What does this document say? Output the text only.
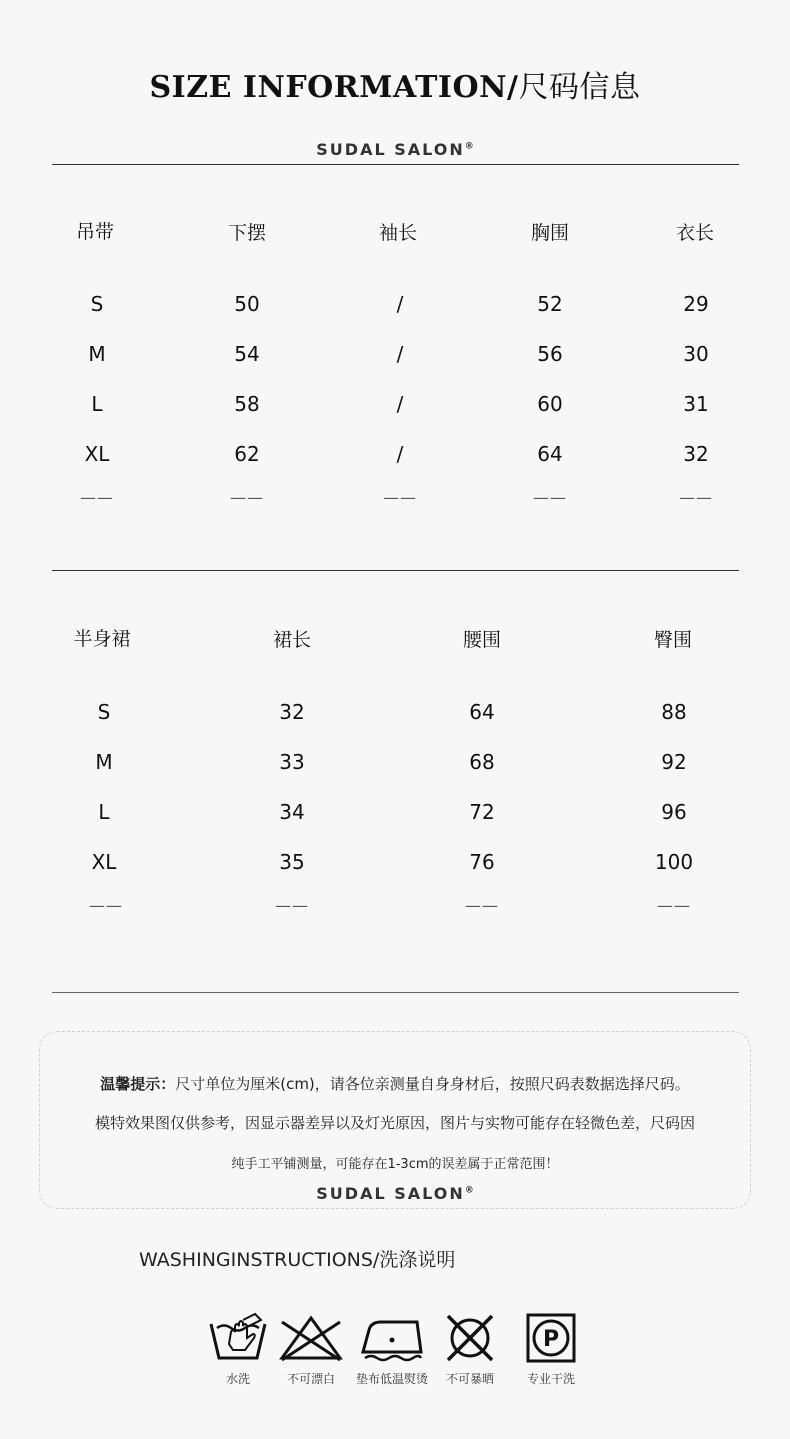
SIZE INFORMATION/尺码信息
SUDAL SALON®
吊带	下摆	袖长	胸围	衣长
S	50	/	52	29
M	54	/	56	30
L	58	/	60	31
XL	62	/	64	32
——	——	——	——	——
半身裙	裙长	腰围	臀围
S	32	64	88
M	33	68	92
L	34	72	96
XL	35	76	100
——	——	——	——
温馨提示：尺寸单位为厘米(cm)，请各位亲测量自身身材后，按照尺码表数据选择尺码。
模特效果图仅供参考，因显示器差异以及灯光原因，图片与实物可能存在轻微色差，尺码因
纯手工平铺测量，可能存在1-3cm的误差属于正常范围！
SUDAL SALON®
WASHINGINSTRUCTIONS/洗涤说明
水洗	不可漂白	垫布低温熨烫	不可暴晒
P
专业干洗
